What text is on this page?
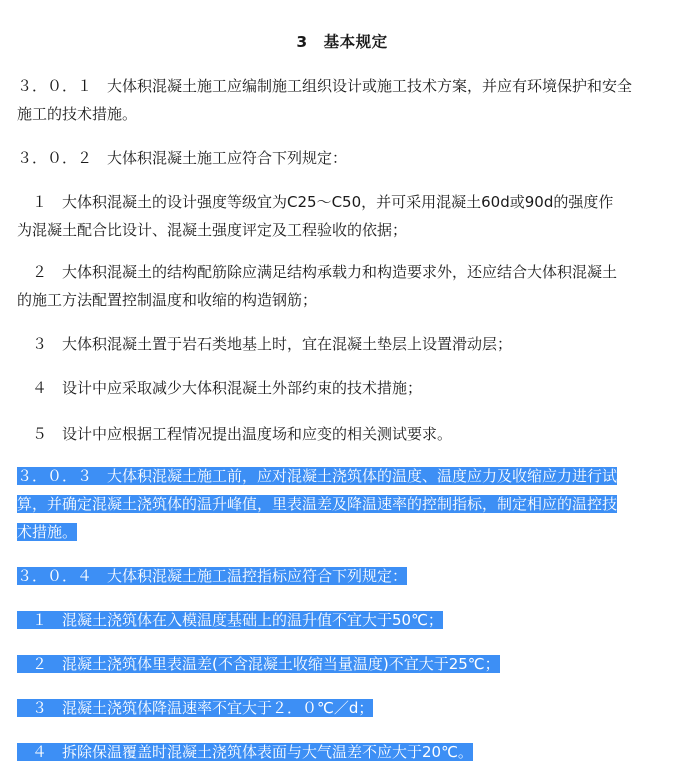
3　基本规定
３．０．１　大体积混凝土施工应编制施工组织设计或施工技术方案，并应有环境保护和安全
施工的技术措施。
３．０．２　大体积混凝土施工应符合下列规定：
　１　大体积混凝土的设计强度等级宜为C25～C50，并可采用混凝土60d或90d的强度作
为混凝土配合比设计、混凝土强度评定及工程验收的依据；
　２　大体积混凝土的结构配筋除应满足结构承载力和构造要求外，还应结合大体积混凝土
的施工方法配置控制温度和收缩的构造钢筋；
　３　大体积混凝土置于岩石类地基上时，宜在混凝土垫层上设置滑动层；
　４　设计中应采取减少大体积混凝土外部约束的技术措施；
　５　设计中应根据工程情况提出温度场和应变的相关测试要求。
３．０．３　大体积混凝土施工前，应对混凝土浇筑体的温度、温度应力及收缩应力进行试
算，并确定混凝土浇筑体的温升峰值，里表温差及降温速率的控制指标，制定相应的温控技
术措施。
３．０．４　大体积混凝土施工温控指标应符合下列规定：
　１　混凝土浇筑体在入模温度基础上的温升值不宜大于50℃；
　２　混凝土浇筑体里表温差(不含混凝土收缩当量温度)不宜大于25℃；
　３　混凝土浇筑体降温速率不宜大于２．０℃／d；
　４　拆除保温覆盖时混凝土浇筑体表面与大气温差不应大于20℃。
